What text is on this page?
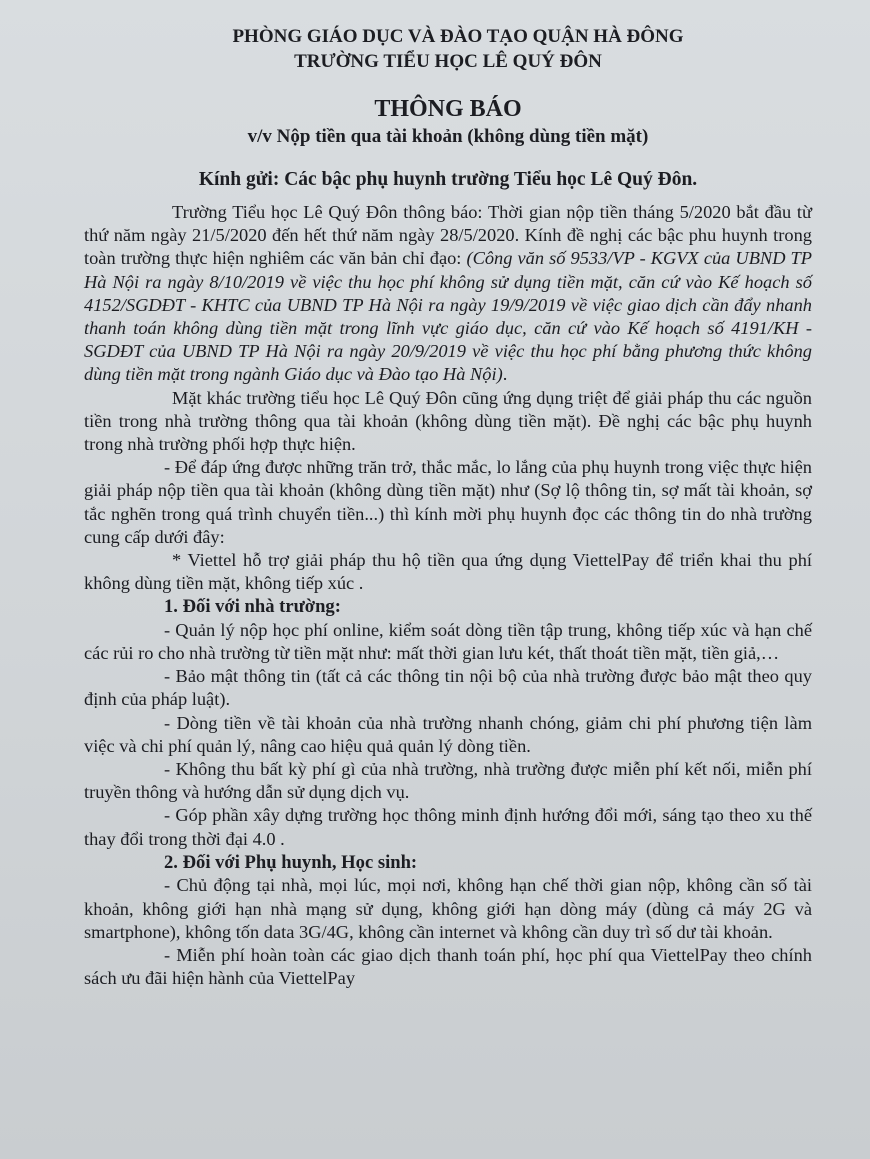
PHÒNG GIÁO DỤC VÀ ĐÀO TẠO QUẬN HÀ ĐÔNG
TRƯỜNG TIỂU HỌC LÊ QUÝ ĐÔN
THÔNG BÁO
v/v Nộp tiền qua tài khoản (không dùng tiền mặt)
Kính gửi: Các bậc phụ huynh trường Tiểu học Lê Quý Đôn.

Trường Tiểu học Lê Quý Đôn thông báo: Thời gian nộp tiền tháng 5/2020 bắt đầu từ thứ năm ngày 21/5/2020 đến hết thứ năm ngày 28/5/2020. Kính đề nghị các bậc phu huynh trong toàn trường thực hiện nghiêm các văn bản chỉ đạo: (Công văn số 9533/VP - KGVX của UBND TP Hà Nội ra ngày 8/10/2019 về việc thu học phí không sử dụng tiền mặt, căn cứ vào Kế hoạch số 4152/SGDĐT - KHTC của UBND TP Hà Nội ra ngày 19/9/2019 về việc giao dịch cần đẩy nhanh thanh toán không dùng tiền mặt trong lĩnh vực giáo dục, căn cứ vào Kế hoạch số 4191/KH - SGDĐT của UBND TP Hà Nội ra ngày 20/9/2019 về việc thu học phí bằng phương thức không dùng tiền mặt trong ngành Giáo dục và Đào tạo Hà Nội).

Mặt khác trường tiểu học Lê Quý Đôn cũng ứng dụng triệt để giải pháp thu các nguồn tiền trong nhà trường thông qua tài khoản (không dùng tiền mặt). Đề nghị các bậc phụ huynh trong nhà trường phối hợp thực hiện.

- Để đáp ứng được những trăn trở, thắc mắc, lo lắng của phụ huynh trong việc thực hiện giải pháp nộp tiền qua tài khoản (không dùng tiền mặt) như (Sợ lộ thông tin, sợ mất tài khoản, sợ tắc nghẽn trong quá trình chuyển tiền...) thì kính mời phụ huynh đọc các thông tin do nhà trường cung cấp dưới đây:

* Viettel hỗ trợ giải pháp thu hộ tiền qua ứng dụng ViettelPay để triển khai thu phí không dùng tiền mặt, không tiếp xúc .

1. Đối với nhà trường:

- Quản lý nộp học phí online, kiểm soát dòng tiền tập trung, không tiếp xúc và hạn chế các rủi ro cho nhà trường từ tiền mặt như: mất thời gian lưu két, thất thoát tiền mặt, tiền giả,…

- Bảo mật thông tin (tất cả các thông tin nội bộ của nhà trường được bảo mật theo quy định của pháp luật).

- Dòng tiền về tài khoản của nhà trường nhanh chóng, giảm chi phí phương tiện làm việc và chi phí quản lý, nâng cao hiệu quả quản lý dòng tiền.

- Không thu bất kỳ phí gì của nhà trường, nhà trường được miễn phí kết nối, miễn phí truyền thông và hướng dẫn sử dụng dịch vụ.

- Góp phần xây dựng trường học thông minh định hướng đổi mới, sáng tạo theo xu thế thay đổi trong thời đại 4.0 .

2. Đối với Phụ huynh, Học sinh:

- Chủ động tại nhà, mọi lúc, mọi nơi, không hạn chế thời gian nộp, không cần số tài khoản, không giới hạn nhà mạng sử dụng, không giới hạn dòng máy (dùng cả máy 2G và smartphone), không tốn data 3G/4G, không cần internet và không cần duy trì số dư tài khoản.

- Miễn phí hoàn toàn các giao dịch thanh toán phí, học phí qua ViettelPay theo chính sách ưu đãi hiện hành của ViettelPay
